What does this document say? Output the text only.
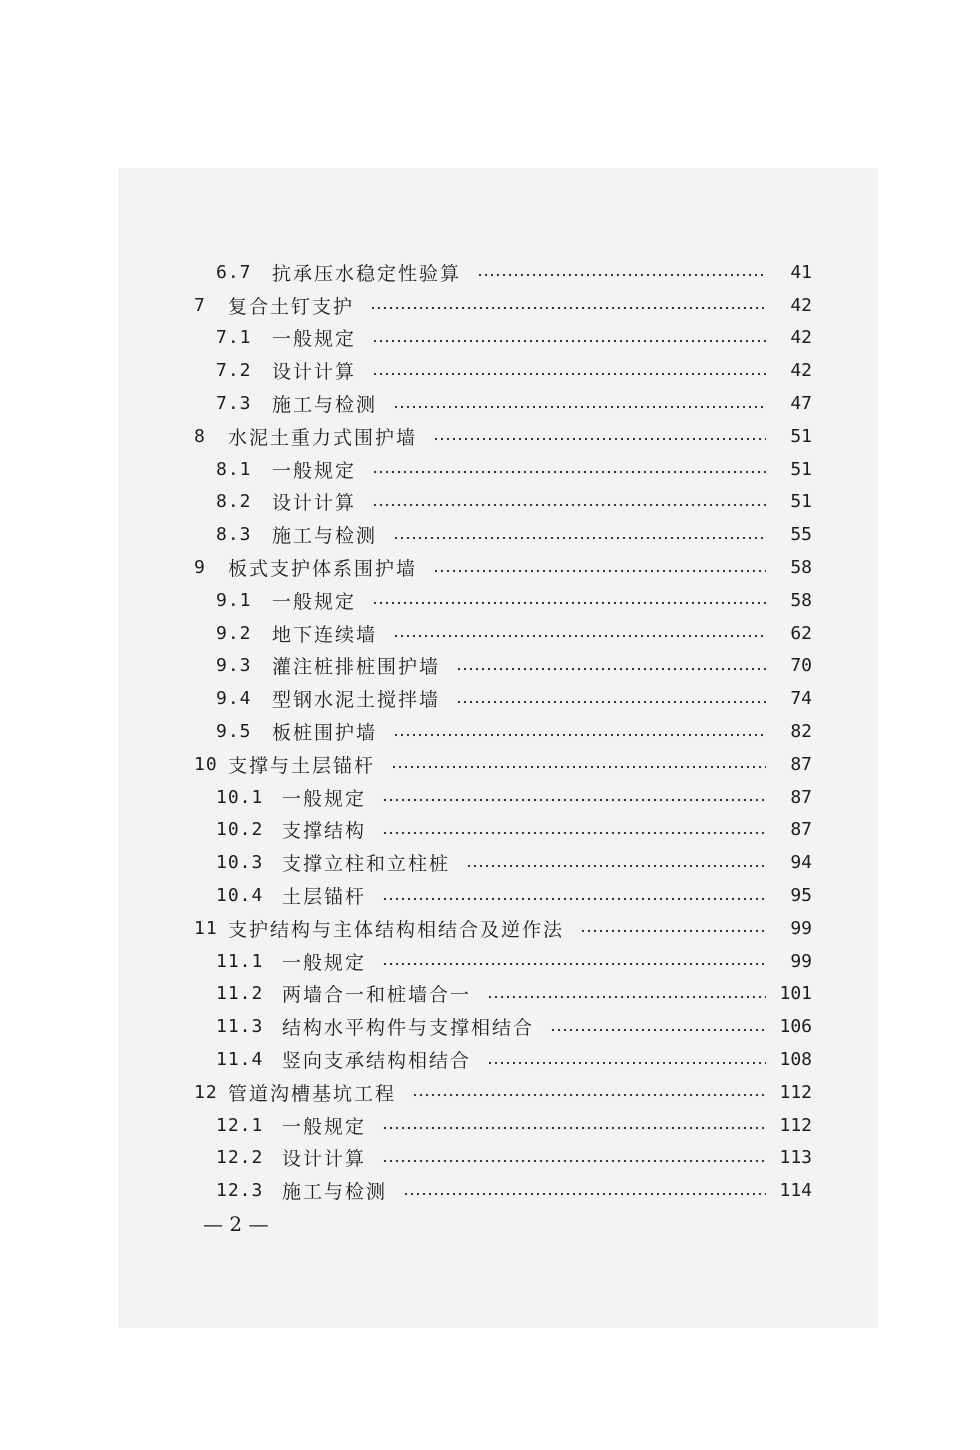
6.7	抗承压水稳定性验算	41
7	复合土钉支护	42
7.1	一般规定	42
7.2	设计计算	42
7.3	施工与检测	47
8	水泥土重力式围护墙	51
8.1	一般规定	51
8.2	设计计算	51
8.3	施工与检测	55
9	板式支护体系围护墙	58
9.1	一般规定	58
9.2	地下连续墙	62
9.3	灌注桩排桩围护墙	70
9.4	型钢水泥土搅拌墙	74
9.5	板桩围护墙	82
10 支撑与土层锚杆	87
10.1 一般规定	87
10.2 支撑结构	87
10.3 支撑立柱和立柱桩	94
10.4 土层锚杆	95
11 支护结构与主体结构相结合及逆作法	99
11.1 一般规定	99
11.2 两墙合一和桩墙合一	101
11.3 结构水平构件与支撑相结合	106
11.4 竖向支承结构相结合	108
12 管道沟槽基坑工程	112
12.1 一般规定	112
12.2 设计计算	113
12.3 施工与检测	114
— 2 —
